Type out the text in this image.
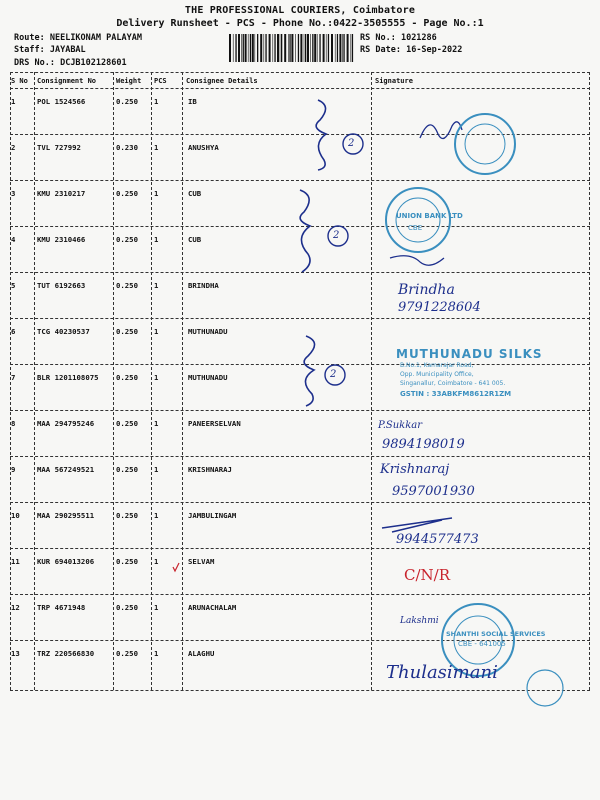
THE PROFESSIONAL COURIERS, Coimbatore
Delivery Runsheet - PCS - Phone No.:0422-3505555 - Page No.:1
Route: NEELIKONAM PALAYAM
Staff: JAYABAL
DRS No.: DCJB102128601
RS No.: 1021286
RS Date: 16-Sep-2022
S No Consignment No	Weight PCS	Consignee Details	Signature
1	POL 1524566	0.250 1	IB
2	TVL 727992	0.230 1	ANUSHYA
3	KMU 2310217	0.250 1	CUB
4	KMU 2310466	0.250 1	CUB
5	TUT 6192663	0.250 1	BRINDHA
6	TCG 40230537	0.250 1	MUTHUNADU
7	BLR 1201108075 0.250 1	MUTHUNADU
8	MAA 294795246	0.250 1	PANEERSELVAN
9	MAA 567249521	0.250 1	KRISHNARAJ
10 MAA 290295511	0.250 1	JAMBULINGAM
11 KUR 694013206	0.250 1	SELVAM
12 TRP 4671948	0.250 1	ARUNACHALAM
13 TRZ 220566830	0.250 1	ALAGHU
2
2
2
UNION BANK LTD
CBE
Brindha
9791228604
MUTHUNADU SILKS
B.No.1, Kamarajar Road,
Opp. Municipality Office,
Singanallur, Coimbatore - 641 005.
GSTIN : 33ABKFM8612R1ZM
P.Sukkar
9894198019
Krishnaraj
9597001930
9944577473
C/N/R
Lakshmi
SHANTHI SOCIAL SERVICES
CBE - 641005
Thulasimani
